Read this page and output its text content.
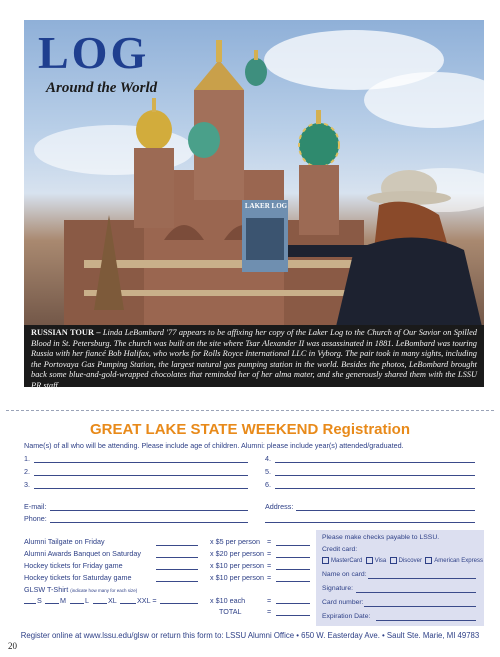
LOG
Around the World
LAKER LOG
RUSSIAN TOUR – Linda LeBombard '77 appears to be affixing her copy of the Laker Log to the Church of Our Savior on Spilled Blood in St. Petersburg. The church was built on the site where Tsar Alexander II was assassinated in 1881. LeBombard was touring Russia with her fiancé Bob Halifax, who works for Rolls Royce International LLC in Vyborg. The pair took in many sights, including the Portovaya Gas Pumping Station, the largest natural gas pumping station in the world. Besides the photos, LeBombard brought back some blue-and-gold-wrapped chocolates that reminded her of her alma mater, and she generously shared them with the LSSU PR staff.
GREAT LAKE STATE WEEKEND Registration
Name(s) of all who will be attending. Please include age of children. Alumni: please include year(s) attended/graduated.
1.
2.
3.
4.
5.
6.
E-mail:
Phone:
Address:
Alumni Tailgate on Friday	x $5 per person =
Alumni Awards Banquet on Saturday	x $20 per person =
Hockey tickets for Friday game	x $10 per person =
Hockey tickets for Saturday game	x $10 per person =
GLSW T-Shirt (indicate how many for each size)
S	M	L	XL	XXL =	x $10 each	=
TOTAL	=
Please make checks payable to LSSU.
Credit card:
MasterCard Visa Discover American Express
Name on card:
Signature:
Card number:
Expiration Date:
Register online at www.lssu.edu/glsw or return this form to: LSSU Alumni Office • 650 W. Easterday Ave. • Sault Ste. Marie, MI 49783
20
